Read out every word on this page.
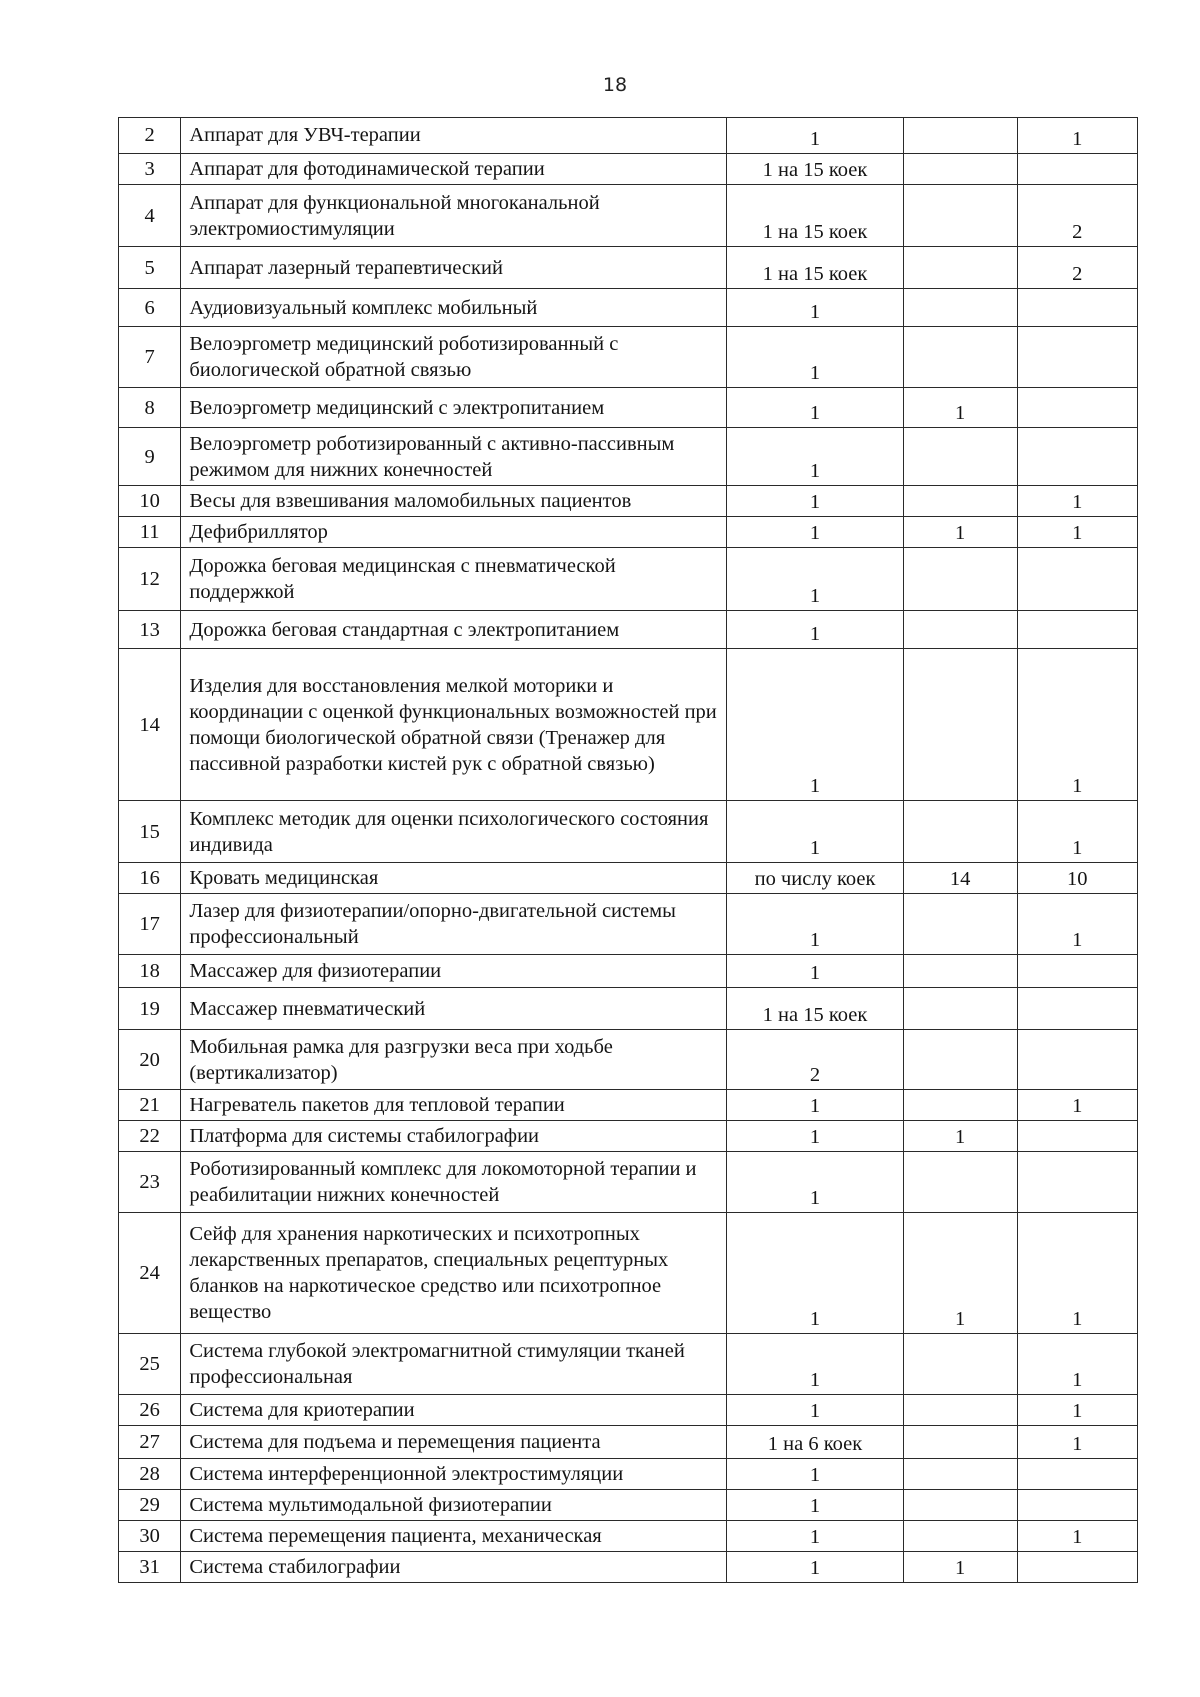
18
2	Аппарат для УВЧ-терапии	1		1
3	Аппарат для фотодинамической терапии	1 на 15 коек		
4	Аппарат для функциональной многоканальной электромиостимуляции	1 на 15 коек		2
5	Аппарат лазерный терапевтический	1 на 15 коек		2
6	Аудиовизуальный комплекс мобильный	1		
7	Велоэргометр медицинский роботизированный с биологической обратной связью	1		
8	Велоэргометр медицинский с электропитанием	1	1	
9	Велоэргометр роботизированный с активно-пассивным режимом для нижних конечностей	1		
10	Весы для взвешивания маломобильных пациентов	1		1
11	Дефибриллятор	1	1	1
12	Дорожка беговая медицинская с пневматической поддержкой	1		
13	Дорожка беговая стандартная с электропитанием	1		
14	Изделия для восстановления мелкой моторики и координации с оценкой функциональных возможностей при помощи биологической обратной связи (Тренажер для пассивной разработки кистей рук с обратной связью)	1		1
15	Комплекс методик для оценки психологического состояния индивида	1		1
16	Кровать медицинская	по числу коек	14	10
17	Лазер для физиотерапии/опорно-двигательной системы профессиональный	1		1
18	Массажер для физиотерапии	1		
19	Массажер пневматический	1 на 15 коек		
20	Мобильная рамка для разгрузки веса при ходьбе (вертикализатор)	2		
21	Нагреватель пакетов для тепловой терапии	1		1
22	Платформа для системы стабилографии	1	1	
23	Роботизированный комплекс для локомоторной терапии и реабилитации нижних конечностей	1		
24	Сейф для хранения наркотических и психотропных лекарственных препаратов, специальных рецептурных бланков на наркотическое средство или психотропное вещество	1	1	1
25	Система глубокой электромагнитной стимуляции тканей профессиональная	1		1
26	Система для криотерапии	1		1
27	Система для подъема и перемещения пациента	1 на 6 коек		1
28	Система интерференционной электростимуляции	1		
29	Система мультимодальной физиотерапии	1		
30	Система перемещения пациента, механическая	1		1
31	Система стабилографии	1	1	
